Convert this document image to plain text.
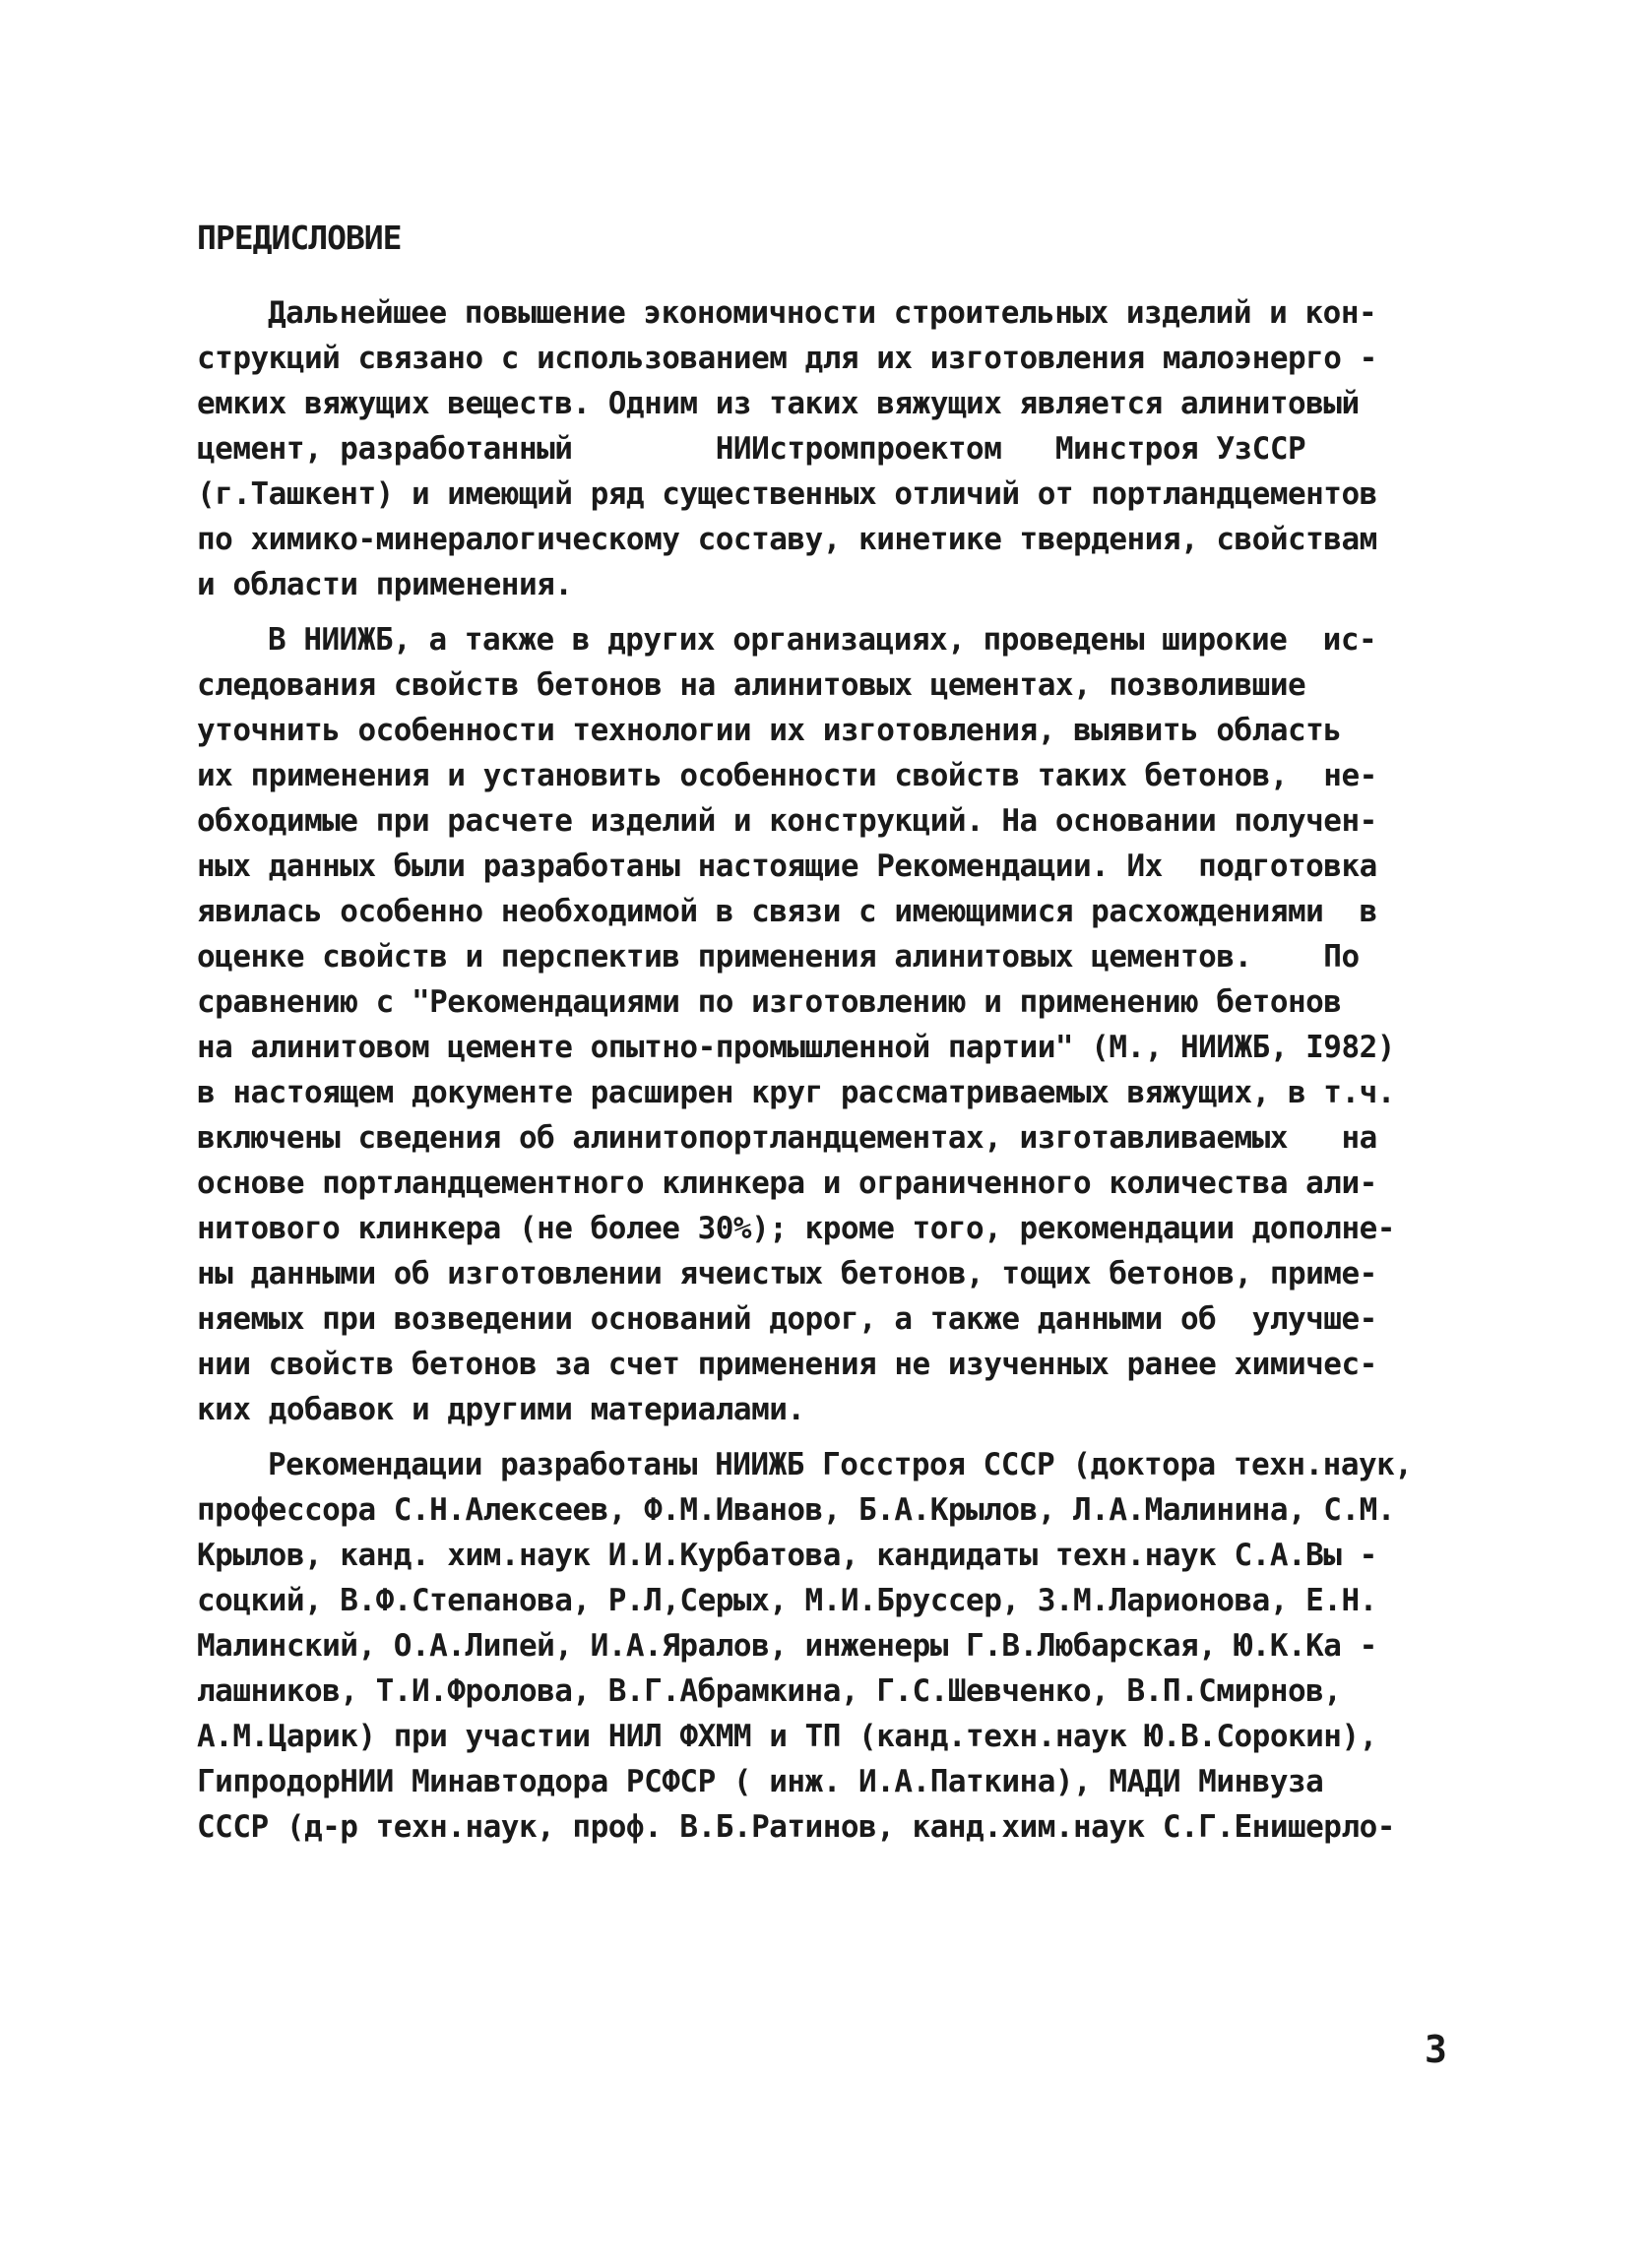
ПРЕДИСЛОВИЕ
Дальнейшее повышение экономичности строительных изделий и кон-
струкций связано с использованием для их изготовления малоэнерго -
емких вяжущих веществ. Одним из таких вяжущих является алинитовый
цемент, разработанный        НИИстромпроектом   Минстроя УзССР
(г.Ташкент) и имеющий ряд существенных отличий от портландцементов
по химико-минералогическому составу, кинетике твердения, свойствам
и области применения.
В НИИЖБ, а также в других организациях, проведены широкие  ис-
следования свойств бетонов на алинитовых цементах, позволившие
уточнить особенности технологии их изготовления, выявить область
их применения и установить особенности свойств таких бетонов,  не-
обходимые при расчете изделий и конструкций. На основании получен-
ных данных были разработаны настоящие Рекомендации. Их  подготовка
явилась особенно необходимой в связи с имеющимися расхождениями  в
оценке свойств и перспектив применения алинитовых цементов.    По
сравнению с "Рекомендациями по изготовлению и применению бетонов
на алинитовом цементе опытно-промышленной партии" (М., НИИЖБ, I982)
в настоящем документе расширен круг рассматриваемых вяжущих, в т.ч.
включены сведения об алинитопортландцементах, изготавливаемых   на
основе портландцементного клинкера и ограниченного количества али-
нитового клинкера (не более 30%); кроме того, рекомендации дополне-
ны данными об изготовлении ячеистых бетонов, тощих бетонов, приме-
няемых при возведении оснований дорог, а также данными об  улучше-
нии свойств бетонов за счет применения не изученных ранее химичес-
ких добавок и другими материалами.
Рекомендации разработаны НИИЖБ Госстроя СССР (доктора техн.наук,
профессора С.Н.Алексеев, Ф.М.Иванов, Б.А.Крылов, Л.А.Малинина, С.М.
Крылов, канд. хим.наук И.И.Курбатова, кандидаты техн.наук С.А.Вы -
соцкий, В.Ф.Степанова, Р.Л,Серых, М.И.Бруссер, З.М.Ларионова, Е.Н.
Малинский, О.А.Липей, И.А.Яралов, инженеры Г.В.Любарская, Ю.К.Ка -
лашников, Т.И.Фролова, В.Г.Абрамкина, Г.С.Шевченко, В.П.Смирнов,
А.М.Царик) при участии НИЛ ФХММ и ТП (канд.техн.наук Ю.В.Сорокин),
ГипродорНИИ Минавтодора РСФСР ( инж. И.А.Паткина), МАДИ Минвуза
СССР (д-р техн.наук, проф. В.Б.Ратинов, канд.хим.наук С.Г.Енишерло-
3
